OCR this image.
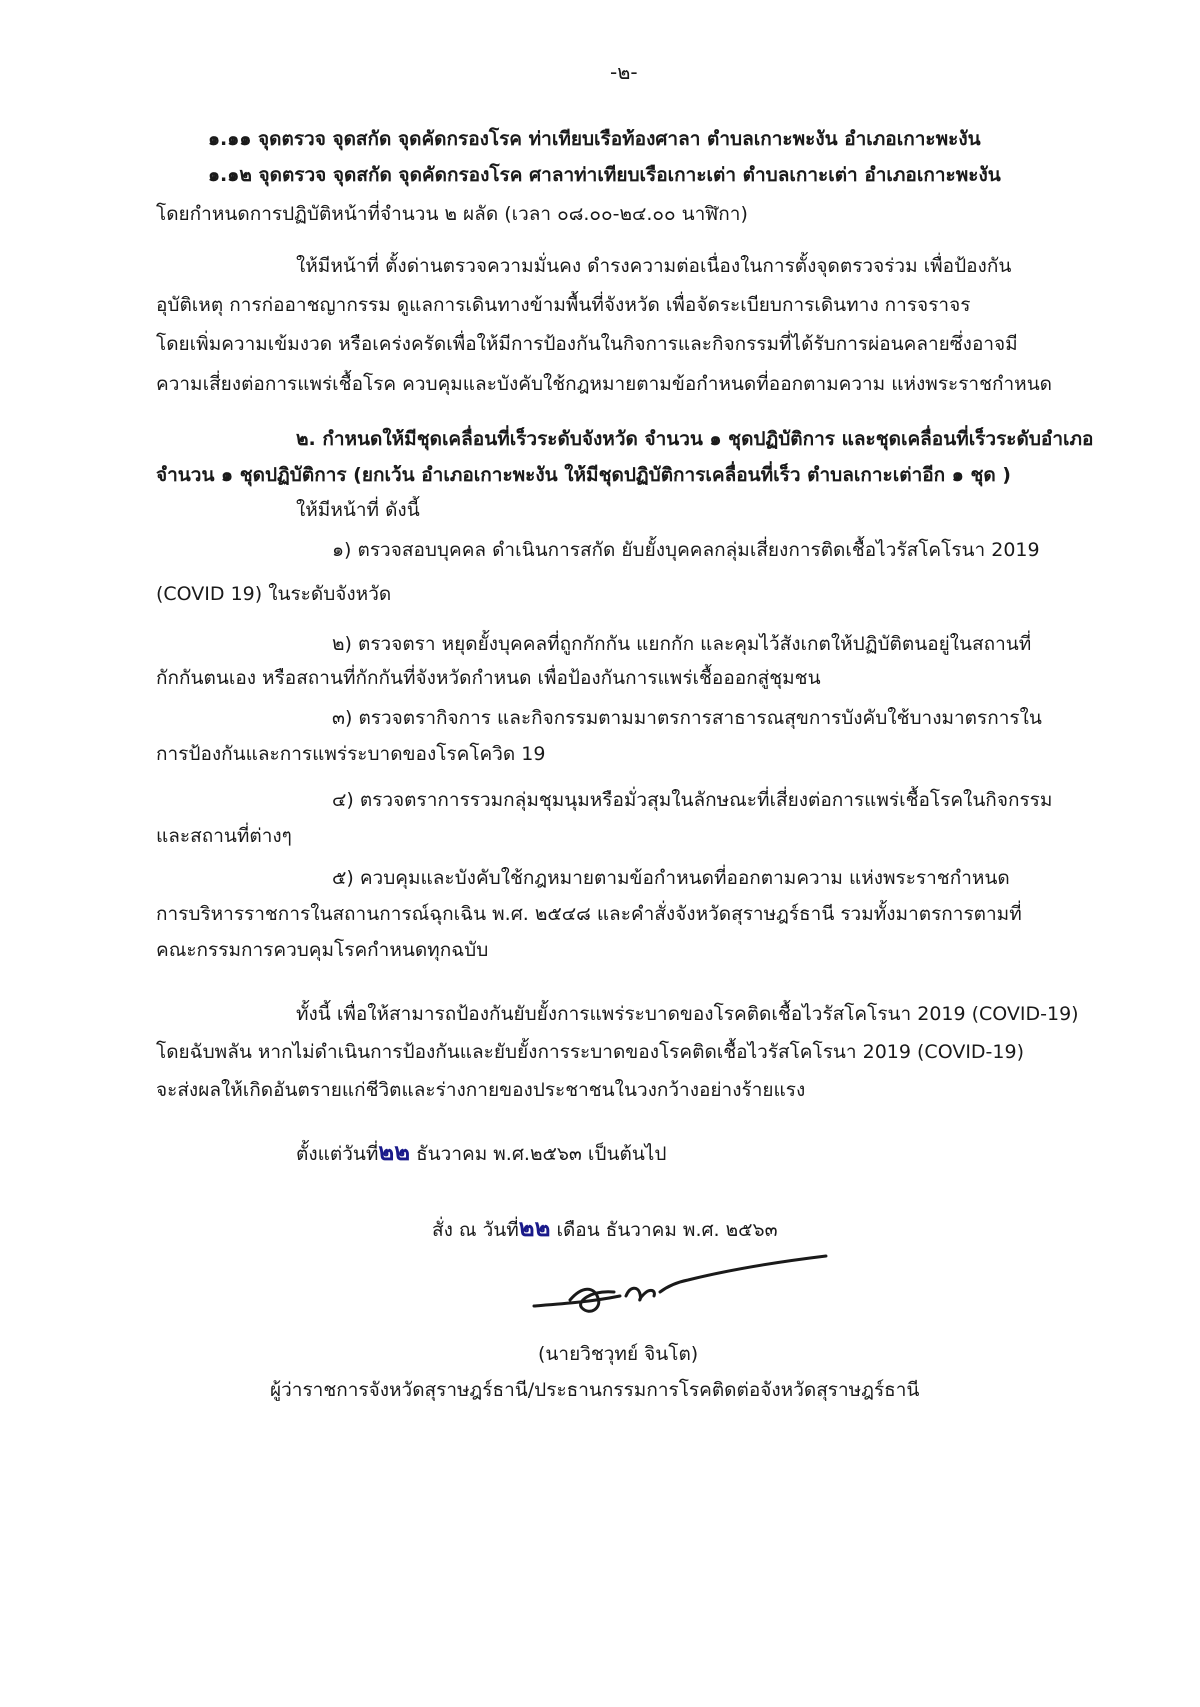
-๒-
๑.๑๑ จุดตรวจ จุดสกัด จุดคัดกรองโรค ท่าเทียบเรือท้องศาลา ตำบลเกาะพะงัน อำเภอเกาะพะงัน
๑.๑๒ จุดตรวจ จุดสกัด จุดคัดกรองโรค ศาลาท่าเทียบเรือเกาะเต่า ตำบลเกาะเต่า อำเภอเกาะพะงัน
โดยกำหนดการปฏิบัติหน้าที่จำนวน ๒ ผลัด (เวลา ๐๘.๐๐-๒๔.๐๐ นาฬิกา)
ให้มีหน้าที่ ตั้งด่านตรวจความมั่นคง ดำรงความต่อเนื่องในการตั้งจุดตรวจร่วม เพื่อป้องกัน
อุบัติเหตุ การก่ออาชญากรรม ดูแลการเดินทางข้ามพื้นที่จังหวัด เพื่อจัดระเบียบการเดินทาง การจราจร
โดยเพิ่มความเข้มงวด หรือเคร่งครัดเพื่อให้มีการป้องกันในกิจการและกิจกรรมที่ได้รับการผ่อนคลายซึ่งอาจมี
ความเสี่ยงต่อการแพร่เชื้อโรค ควบคุมและบังคับใช้กฎหมายตามข้อกำหนดที่ออกตามความ แห่งพระราชกำหนด
๒. กำหนดให้มีชุดเคลื่อนที่เร็วระดับจังหวัด จำนวน ๑ ชุดปฏิบัติการ และชุดเคลื่อนที่เร็วระดับอำเภอ
จำนวน ๑ ชุดปฏิบัติการ (ยกเว้น อำเภอเกาะพะงัน ให้มีชุดปฏิบัติการเคลื่อนที่เร็ว ตำบลเกาะเต่าอีก ๑ ชุด )
ให้มีหน้าที่ ดังนี้
๑) ตรวจสอบบุคคล ดำเนินการสกัด ยับยั้งบุคคลกลุ่มเสี่ยงการติดเชื้อไวรัสโคโรนา 2019
(COVID 19) ในระดับจังหวัด
๒) ตรวจตรา หยุดยั้งบุคคลที่ถูกกักกัน แยกกัก และคุมไว้สังเกตให้ปฏิบัติตนอยู่ในสถานที่
กักกันตนเอง หรือสถานที่กักกันที่จังหวัดกำหนด เพื่อป้องกันการแพร่เชื้อออกสู่ชุมชน
๓) ตรวจตรากิจการ และกิจกรรมตามมาตรการสาธารณสุขการบังคับใช้บางมาตรการใน
การป้องกันและการแพร่ระบาดของโรคโควิด 19
๔) ตรวจตราการรวมกลุ่มชุมนุมหรือมั่วสุมในลักษณะที่เสี่ยงต่อการแพร่เชื้อโรคในกิจกรรม
และสถานที่ต่างๆ
๕) ควบคุมและบังคับใช้กฎหมายตามข้อกำหนดที่ออกตามความ แห่งพระราชกำหนด
การบริหารราชการในสถานการณ์ฉุกเฉิน พ.ศ. ๒๕๔๘ และคำสั่งจังหวัดสุราษฎร์ธานี รวมทั้งมาตรการตามที่
คณะกรรมการควบคุมโรคกำหนดทุกฉบับ
ทั้งนี้ เพื่อให้สามารถป้องกันยับยั้งการแพร่ระบาดของโรคติดเชื้อไวรัสโคโรนา 2019 (COVID-19)
โดยฉับพลัน หากไม่ดำเนินการป้องกันและยับยั้งการระบาดของโรคติดเชื้อไวรัสโคโรนา 2019 (COVID-19)
จะส่งผลให้เกิดอันตรายแก่ชีวิตและร่างกายของประชาชนในวงกว้างอย่างร้ายแรง
ตั้งแต่วันที่๒๒ ธันวาคม พ.ศ.๒๕๖๓ เป็นต้นไป
สั่ง ณ วันที่๒๒ เดือน ธันวาคม พ.ศ. ๒๕๖๓
(นายวิชวุทย์ จินโต)
ผู้ว่าราชการจังหวัดสุราษฎร์ธานี/ประธานกรรมการโรคติดต่อจังหวัดสุราษฎร์ธานี
